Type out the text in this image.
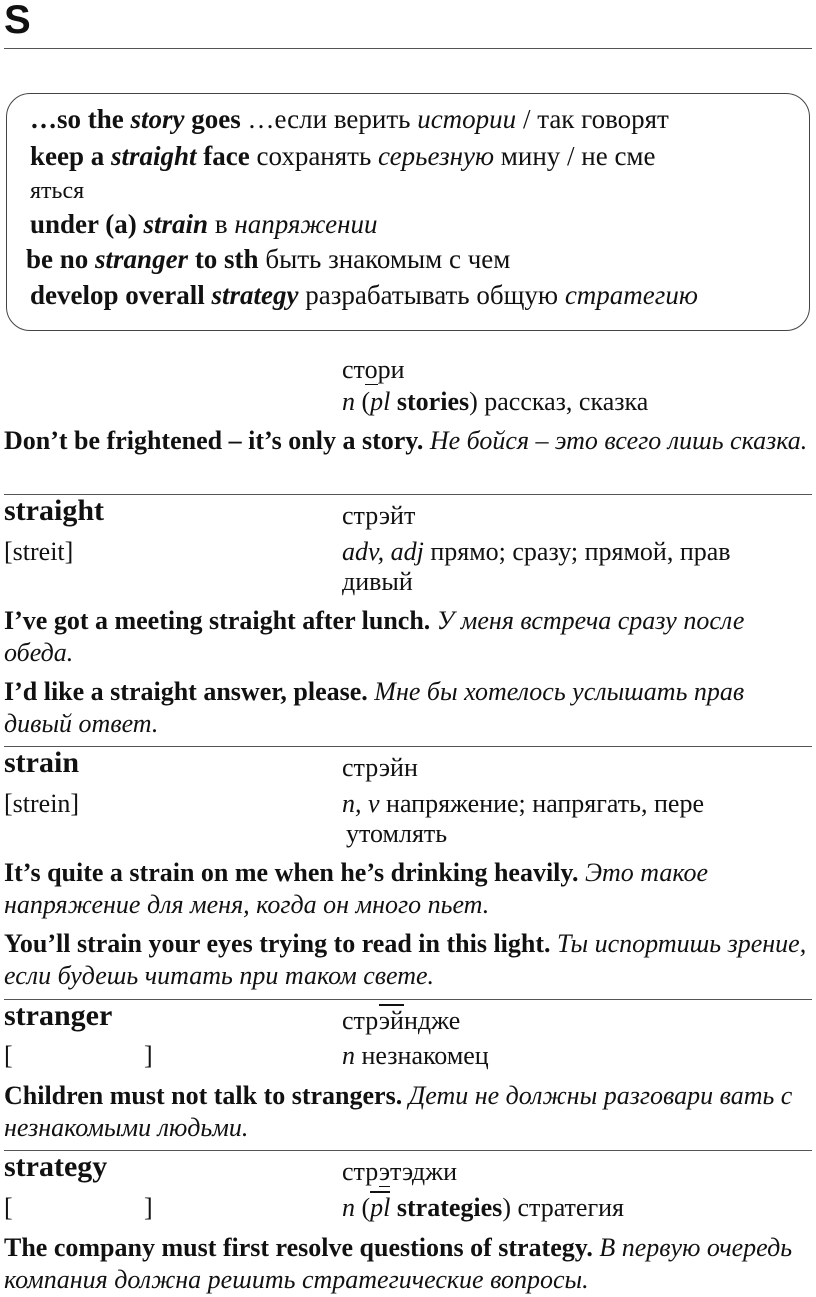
S
…so the story goes …если верить истории / так говорят
keep a straight face сохранять серьезную мину / не сме
яться
under (a) strain в напряжении
be no stranger to sth быть знакомым с чем
develop overall strategy разрабатывать общую стратегию
стори
n (pl stories) рассказ, сказка
Don’t be frightened – it’s only a story. Не бойся – это всего лишь сказка.
straight	стрэйт
[streit]	adv, adj прямо; сразу; прямой, прав
дивый
I’ve got a meeting straight after lunch. У меня встреча сразу после обеда.
I’d like a straight answer, please. Мне бы хотелось услышать прав дивый ответ.
strain	стрэйн
[strein]	n, v напряжение; напрягать, пере
утомлять
It’s quite a strain on me when he’s drinking heavily. Это такое напряжение для меня, когда он много пьет.
You’ll strain your eyes trying to read in this light. Ты испортишь зрение, если будешь читать при таком свете.
stranger	стрэйндже
[	]	n незнакомец
Children must not talk to strangers. Дети не должны разговари вать с незнакомыми людьми.
strategy	стрэтэджи
[	]	n (pl strategies) стратегия
The company must first resolve questions of strategy. В первую очередь компания должна решить стратегические вопросы.
